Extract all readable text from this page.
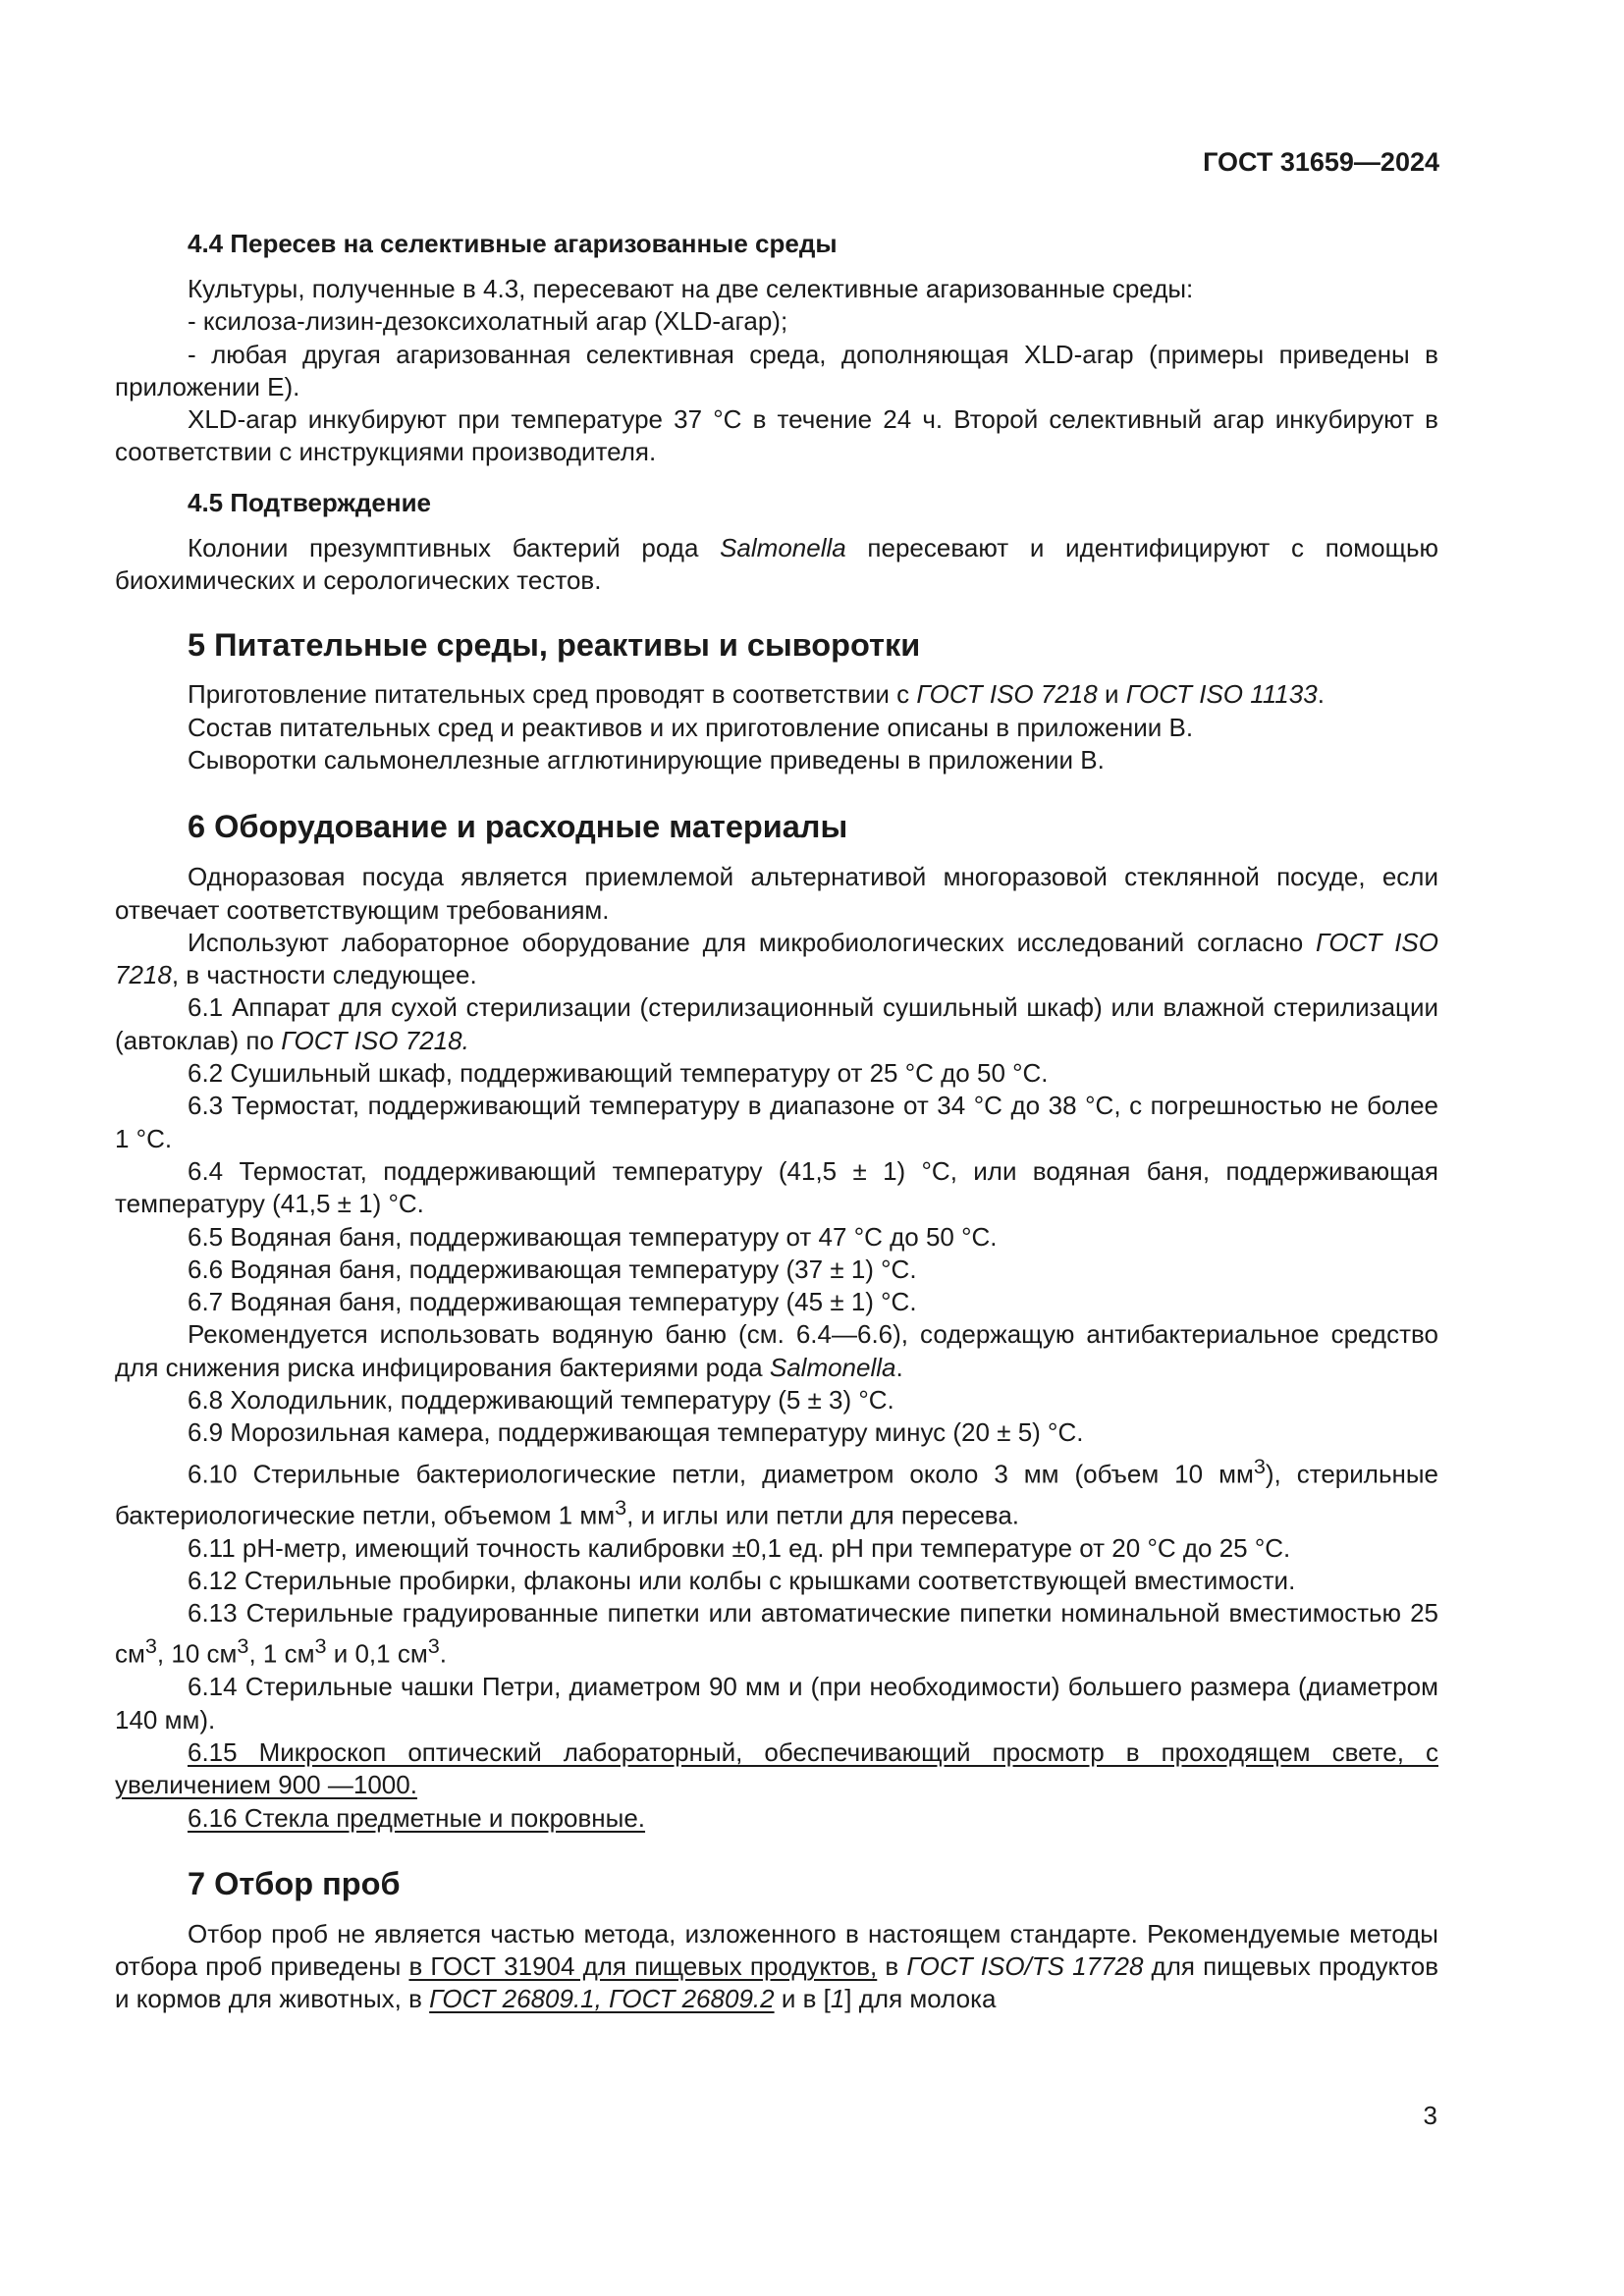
ГОСТ 31659—2024

4.4 Пересев на селективные агаризованные среды

Культуры, полученные в 4.3, пересевают на две селективные агаризованные среды:

- ксилоза-лизин-дезоксихолатный агар (XLD-агар);

- любая другая агаризованная селективная среда, дополняющая XLD-агар (примеры приведены в приложении Е).

XLD-агар инкубируют при температуре 37 °С в течение 24 ч. Второй селективный агар инкубируют в соответствии с инструкциями производителя.

4.5 Подтверждение

Колонии презумптивных бактерий рода Salmonella пересевают и идентифицируют с помощью биохимических и серологических тестов.

5 Питательные среды, реактивы и сыворотки

Приготовление питательных сред проводят в соответствии с ГОСТ ISO 7218 и ГОСТ ISO 11133.

Состав питательных сред и реактивов и их приготовление описаны в приложении В.

Сыворотки сальмонеллезные агглютинирующие приведены в приложении В.

6 Оборудование и расходные материалы

Одноразовая посуда является приемлемой альтернативой многоразовой стеклянной посуде, если отвечает соответствующим требованиям.

Используют лабораторное оборудование для микробиологических исследований согласно ГОСТ ISO 7218, в частности следующее.

6.1 Аппарат для сухой стерилизации (стерилизационный сушильный шкаф) или влажной стерилизации (автоклав) по ГОСТ ISO 7218.

6.2 Сушильный шкаф, поддерживающий температуру от 25 °С до 50 °С.

6.3 Термостат, поддерживающий температуру в диапазоне от 34 °С до 38 °С, с погрешностью не более 1 °С.

6.4 Термостат, поддерживающий температуру (41,5 ± 1) °С, или водяная баня, поддерживающая температуру (41,5 ± 1) °С.

6.5 Водяная баня, поддерживающая температуру от 47 °С до 50 °С.

6.6 Водяная баня, поддерживающая температуру (37 ± 1) °С.

6.7 Водяная баня, поддерживающая температуру (45 ± 1) °С.

Рекомендуется использовать водяную баню (см. 6.4—6.6), содержащую антибактериальное средство для снижения риска инфицирования бактериями рода Salmonella.

6.8 Холодильник, поддерживающий температуру (5 ± 3) °С.

6.9 Морозильная камера, поддерживающая температуру минус (20 ± 5) °С.

6.10 Стерильные бактериологические петли, диаметром около 3 мм (объем 10 $мм^3$), стерильные бактериологические петли, объемом 1 $мм^3$, и иглы или петли для пересева.

6.11 рН-метр, имеющий точность калибровки ±0,1 ед. рН при температуре от 20 °С до 25 °С.

6.12 Стерильные пробирки, флаконы или колбы с крышками соответствующей вместимости.

6.13 Стерильные градуированные пипетки или автоматические пипетки номинальной вместимостью 25 $см^3$, 10 $см^3$, 1 $см^3$ и 0,1 $см^3$.

6.14 Стерильные чашки Петри, диаметром 90 мм и (при необходимости) большего размера (диаметром 140 мм).

6.15 Микроскоп оптический лабораторный, обеспечивающий просмотр в проходящем свете, с увеличением 900 —1000.

6.16 Стекла предметные и покровные.

7 Отбор проб

Отбор проб не является частью метода, изложенного в настоящем стандарте. Рекомендуемые методы отбора проб приведены в ГОСТ 31904 для пищевых продуктов, в ГОСТ ISO/TS 17728 для пищевых продуктов и кормов для животных, в ГОСТ 26809.1, ГОСТ 26809.2 и в [1] для молока

3
